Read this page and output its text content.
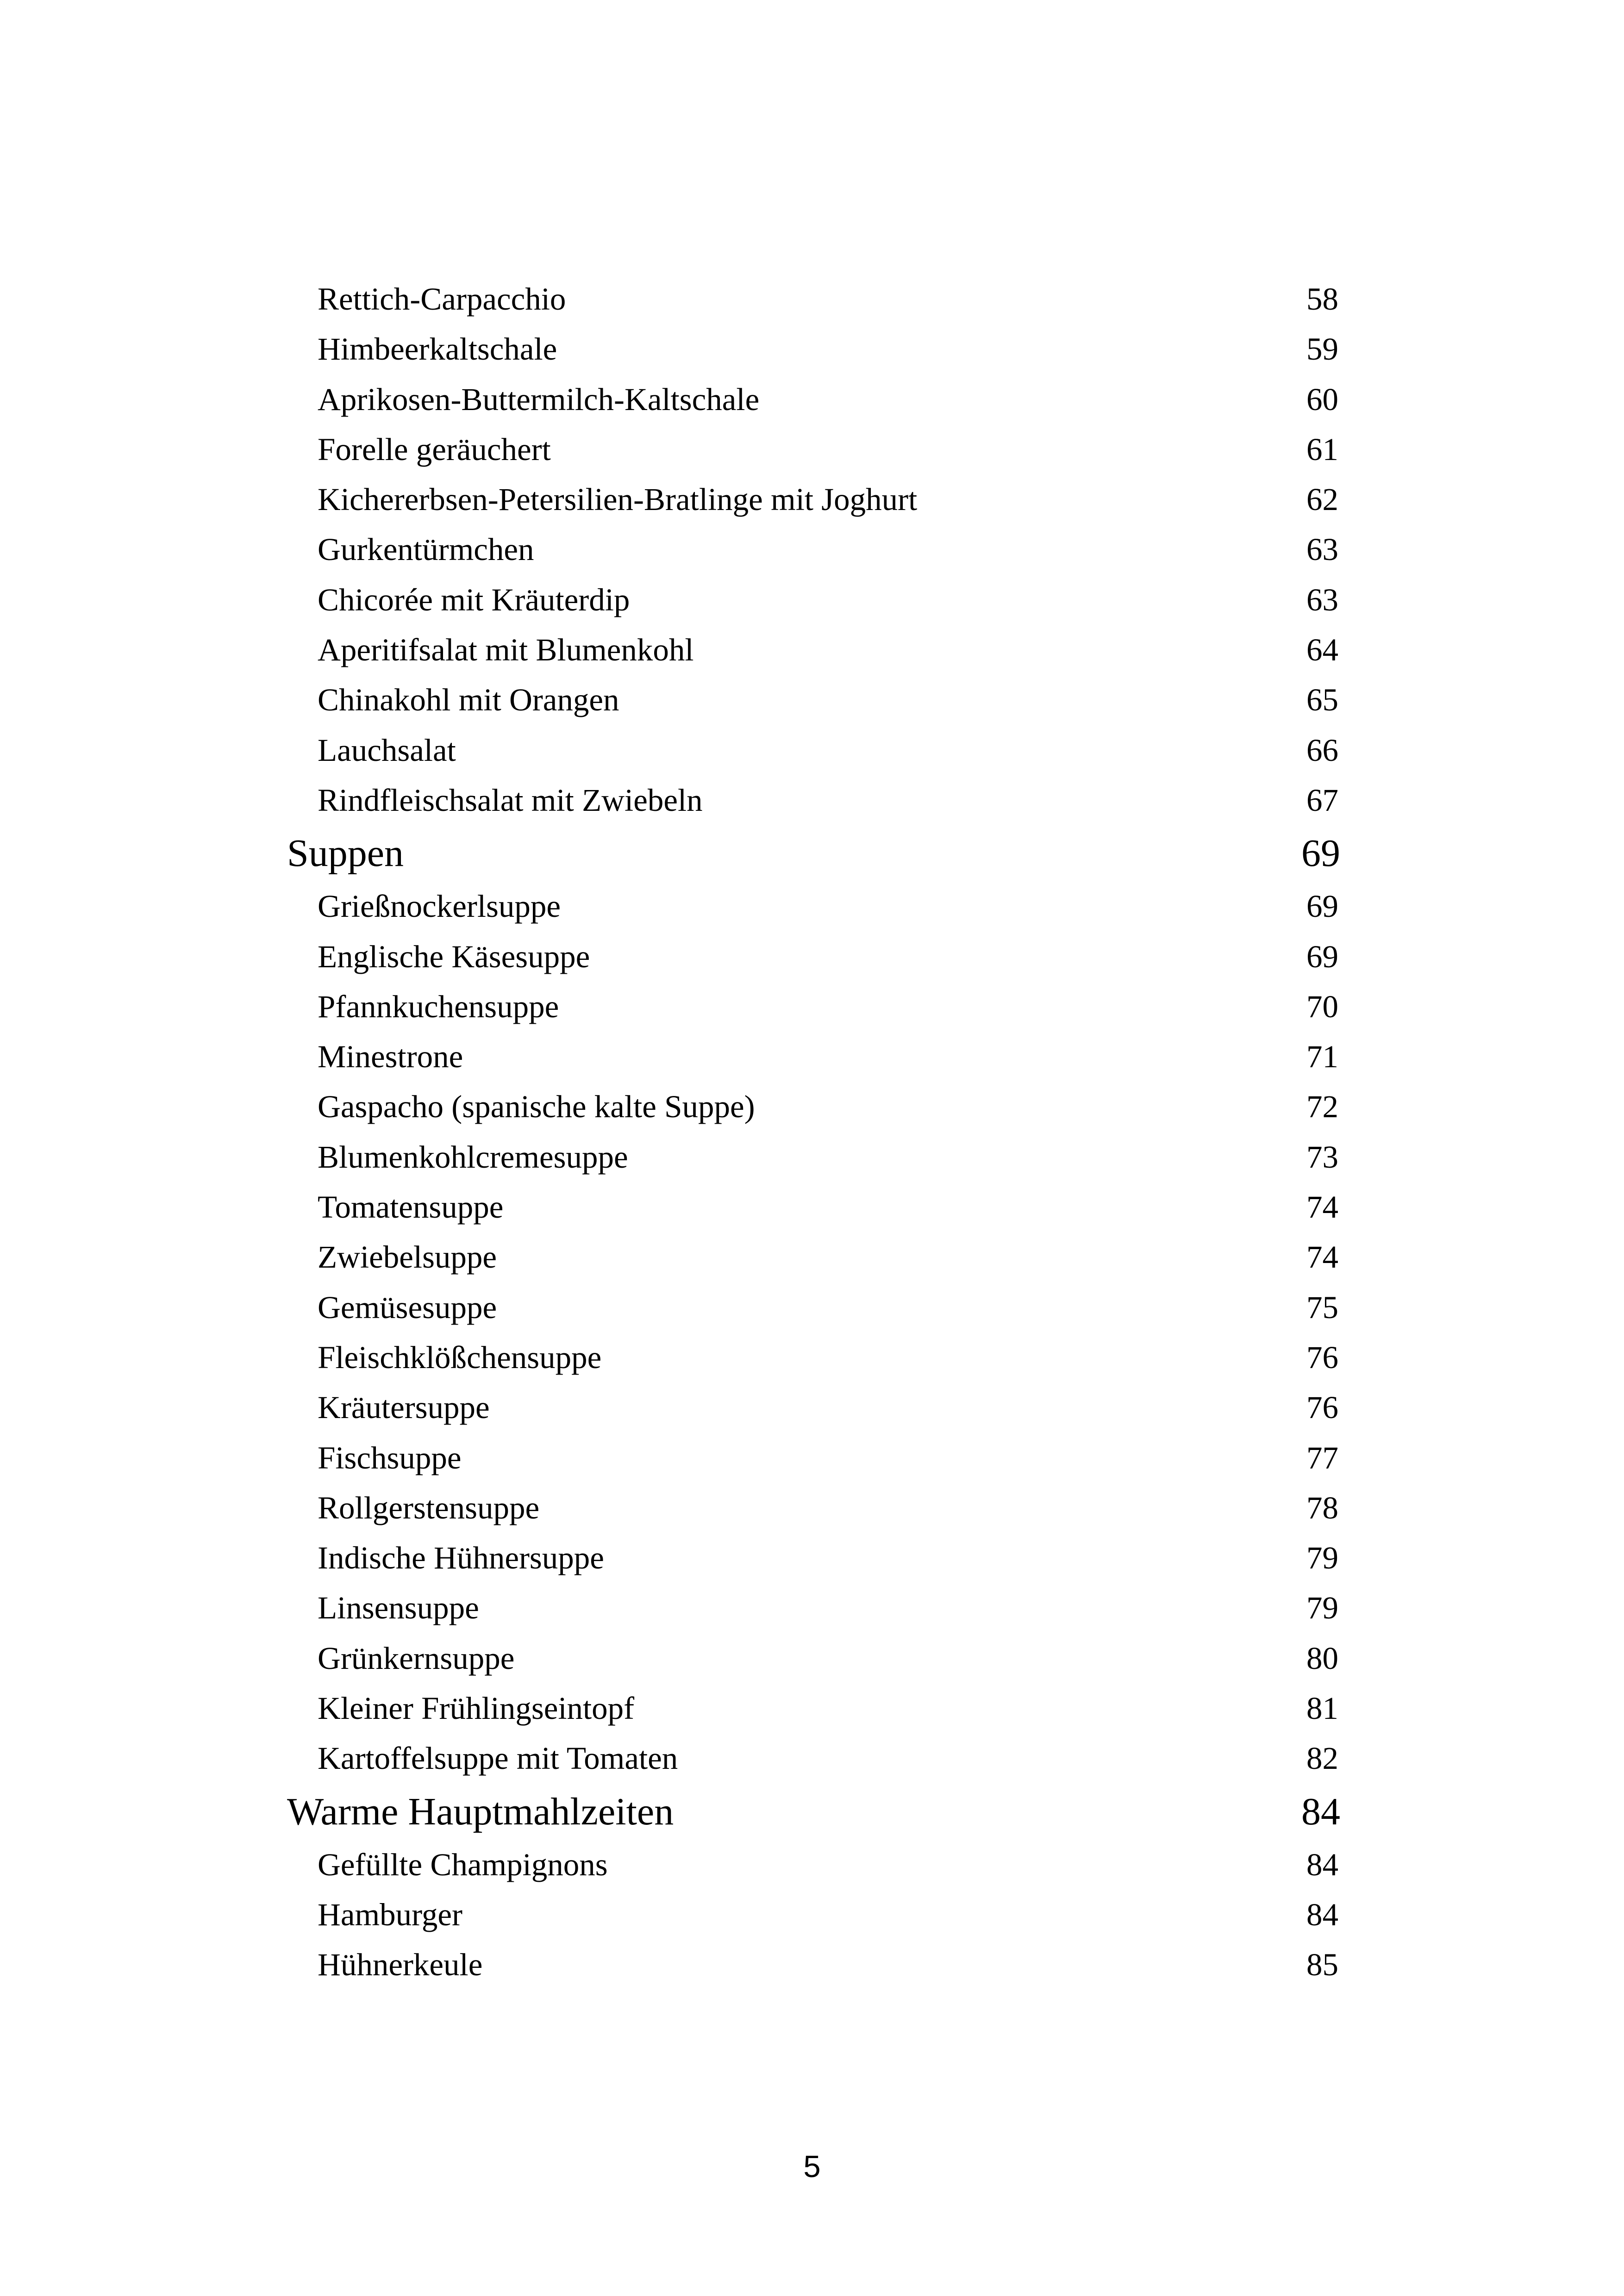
Rettich-Carpacchio	58
Himbeerkaltschale	59
Aprikosen-Buttermilch-Kaltschale	60
Forelle geräuchert	61
Kichererbsen-Petersilien-Bratlinge mit Joghurt	62
Gurkentürmchen	63
Chicorée mit Kräuterdip	63
Aperitifsalat mit Blumenkohl	64
Chinakohl mit Orangen	65
Lauchsalat	66
Rindfleischsalat mit Zwiebeln	67
Suppen	69
Grießnockerlsuppe	69
Englische Käsesuppe	69
Pfannkuchensuppe	70
Minestrone	71
Gaspacho (spanische kalte Suppe)	72
Blumenkohlcremesuppe	73
Tomatensuppe	74
Zwiebelsuppe	74
Gemüsesuppe	75
Fleischklößchensuppe	76
Kräutersuppe	76
Fischsuppe	77
Rollgerstensuppe	78
Indische Hühnersuppe	79
Linsensuppe	79
Grünkernsuppe	80
Kleiner Frühlingseintopf	81
Kartoffelsuppe mit Tomaten	82
Warme Hauptmahlzeiten	84
Gefüllte Champignons	84
Hamburger	84
Hühnerkeule	85
5
